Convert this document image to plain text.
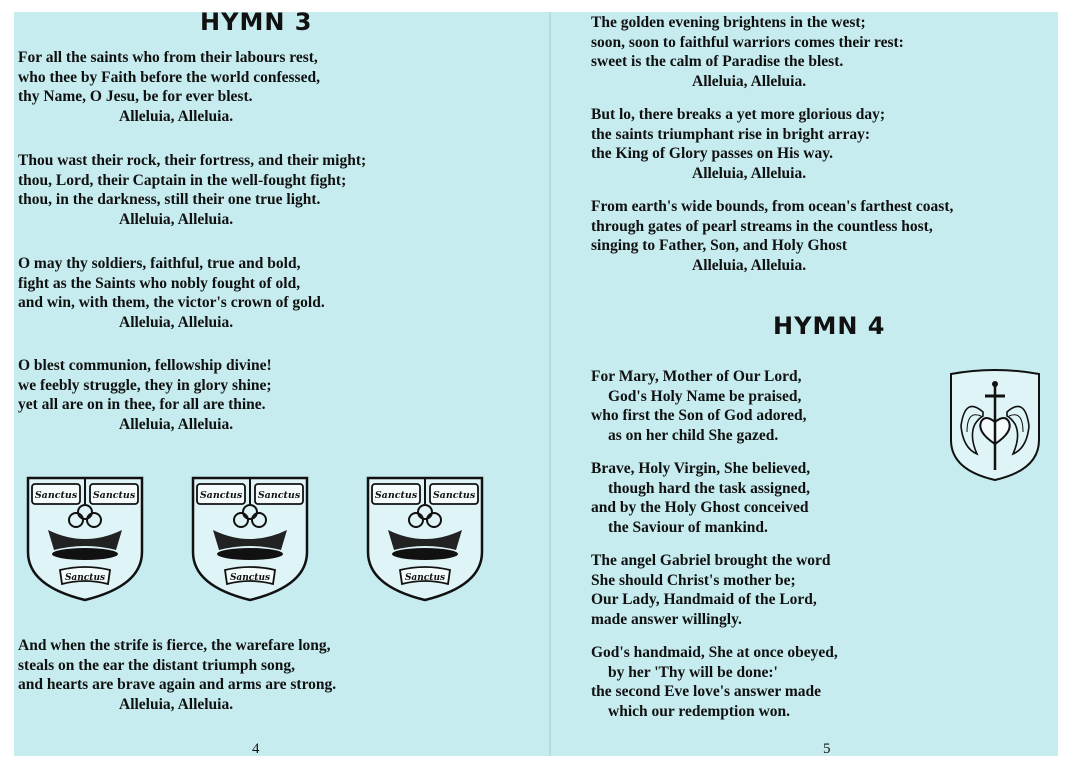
HYMN 3
For all the saints who from their labours rest,
who thee by Faith before the world confessed,
thy Name, O Jesu, be for ever blest.
Alleluia, Alleluia.
Thou wast their rock, their fortress, and their might;
thou, Lord, their Captain in the well-fought fight;
thou, in the darkness, still their one true light.
Alleluia, Alleluia.
O may thy soldiers, faithful, true and bold,
fight as the Saints who nobly fought of old,
and win, with them, the victor's crown of gold.
Alleluia, Alleluia.
O blest communion, fellowship divine!
we feebly struggle, they in glory shine;
yet all are on in thee, for all are thine.
Alleluia, Alleluia.
Sanctus Sanctus
Sanctus
Sanctus Sanctus
Sanctus
Sanctus Sanctus
Sanctus
And when the strife is fierce, the warefare long,
steals on the ear the distant triumph song,
and hearts are brave again and arms are strong.
Alleluia, Alleluia.
4
The golden evening brightens in the west;
soon, soon to faithful warriors comes their rest:
sweet is the calm of Paradise the blest.
Alleluia, Alleluia.
But lo, there breaks a yet more glorious day;
the saints triumphant rise in bright array:
the King of Glory passes on His way.
Alleluia, Alleluia.
From earth's wide bounds, from ocean's farthest coast,
through gates of pearl streams in the countless host,
singing to Father, Son, and Holy Ghost
Alleluia, Alleluia.
HYMN 4
For Mary, Mother of Our Lord,
God's Holy Name be praised,
who first the Son of God adored,
as on her child She gazed.
Brave, Holy Virgin, She believed,
though hard the task assigned,
and by the Holy Ghost conceived
the Saviour of mankind.
The angel Gabriel brought the word
She should Christ's mother be;
Our Lady, Handmaid of the Lord,
made answer willingly.
God's handmaid, She at once obeyed,
by her 'Thy will be done:'
the second Eve love's answer made
which our redemption won.
5
